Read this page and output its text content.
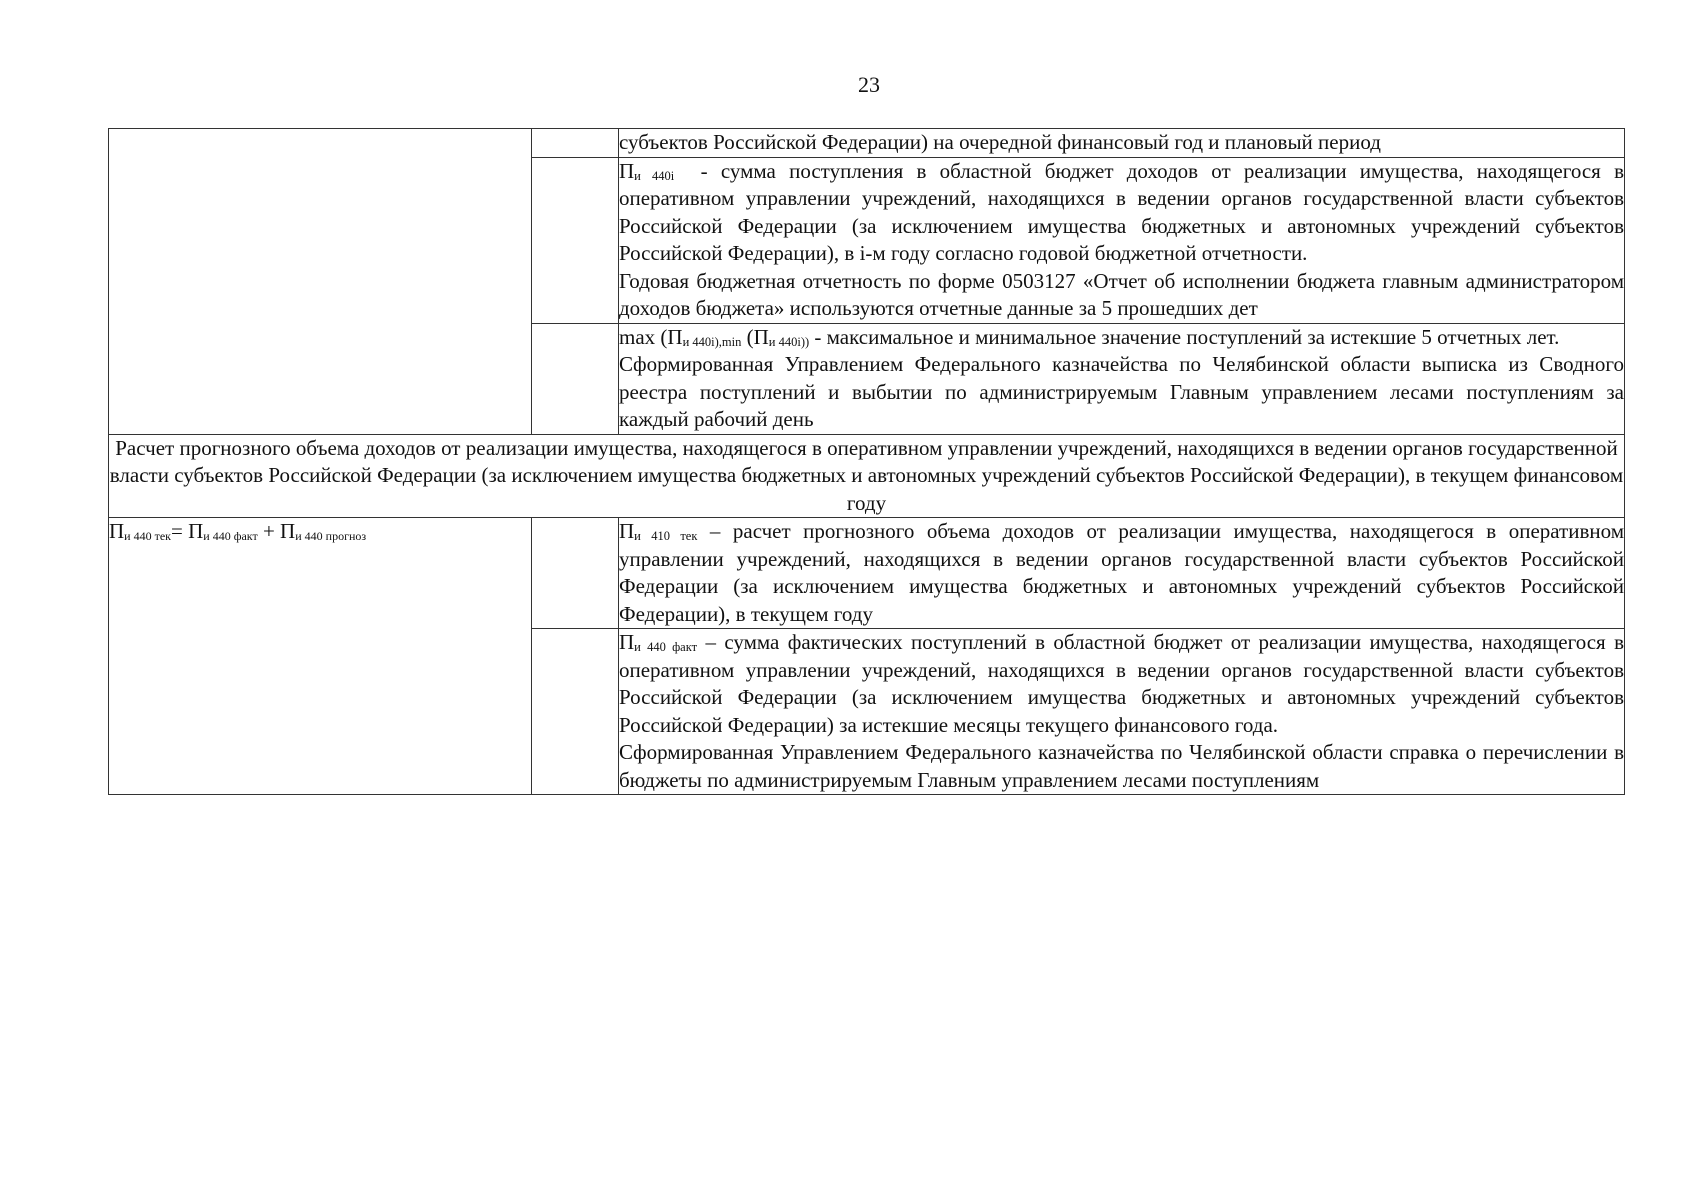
23

		субъектов Российской Федерации) на очередной финансовый год и плановый период

		$П_{и 440i}$  - сумма поступления в областной бюджет доходов от реализации имущества, находящегося в оперативном управлении учреждений, находящихся в ведении органов государственной власти субъектов Российской Федерации (за исключением имущества бюджетных и автономных учреждений субъектов Российской Федерации), в i-м году согласно годовой бюджетной отчетности.

Годовая бюджетная отчетность по форме 0503127 «Отчет об исполнении бюджета главным администратором доходов бюджета» используются отчетные данные за 5 прошедших дет

		$\max (П_{и 440i),min}$ ($П_{и 440i))}$ - максимальное и минимальное значение поступлений за истекшие 5 отчетных лет.

Сформированная Управлением Федерального казначейства по Челябинской области выписка из Сводного реестра поступлений и выбытии по администрируемым Главным управлением лесами поступлениям за каждый рабочий день

Расчет прогнозного объема доходов от реализации имущества, находящегося в оперативном управлении учреждений, находящихся в ведении органов государственной власти субъектов Российской Федерации (за исключением имущества бюджетных и автономных учреждений субъектов Российской Федерации), в текущем финансовом году		
$П_{и 440 тек}= П_{и 440 факт} + П_{и 440 прогноз}$		$П_{и 410 тек}$ – расчет прогнозного объема доходов от реализации имущества, находящегося в оперативном управлении учреждений, находящихся в ведении органов государственной власти субъектов Российской Федерации (за исключением имущества бюджетных и автономных учреждений субъектов Российской Федерации), в текущем году

		$П_{и 440 факт}$ – сумма фактических поступлений в областной бюджет от реализации имущества, находящегося в оперативном управлении учреждений, находящихся в ведении органов государственной власти субъектов Российской Федерации (за исключением имущества бюджетных и автономных учреждений субъектов Российской Федерации) за истекшие месяцы текущего финансового года.

Сформированная Управлением Федерального казначейства по Челябинской области справка о перечислении в бюджеты по администрируемым Главным управлением лесами поступлениям
